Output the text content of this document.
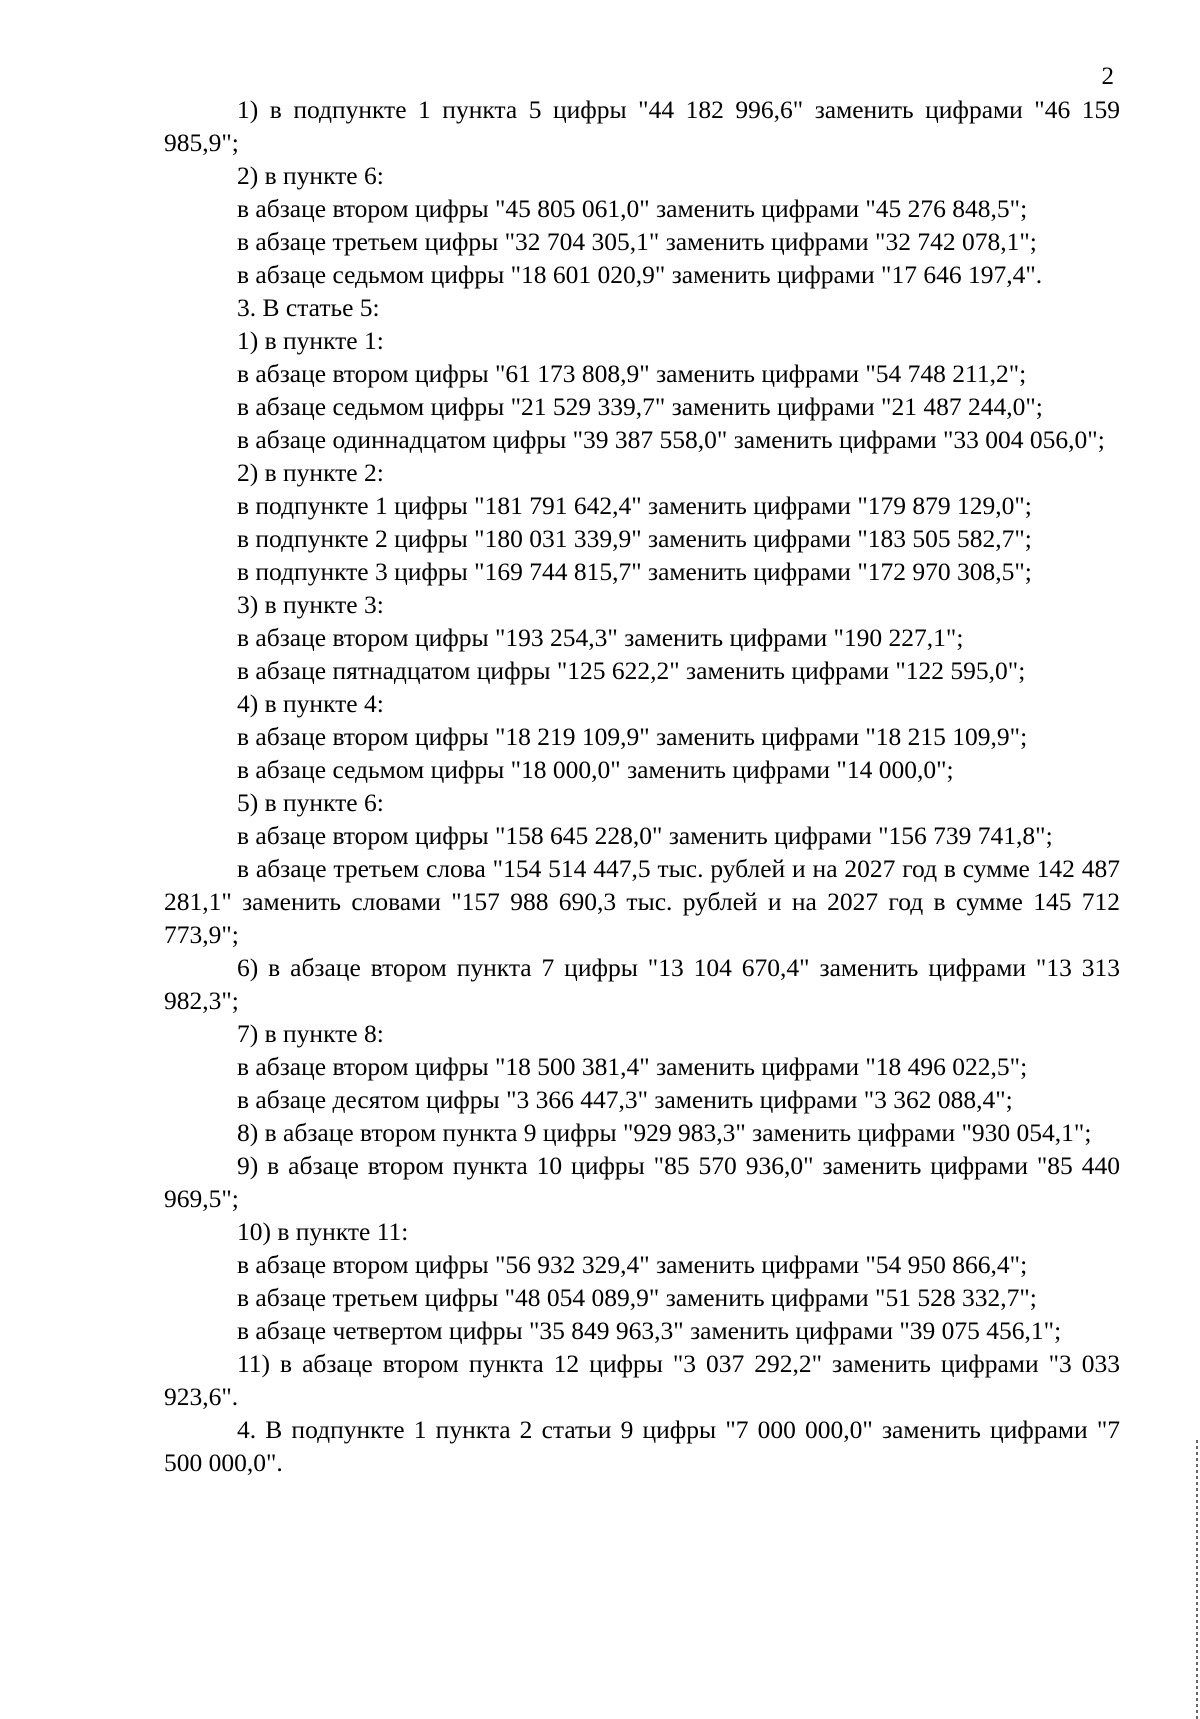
2

1) в подпункте 1 пункта 5 цифры "44 182 996,6" заменить цифрами "46 159 985,9";

2) в пункте 6:

в абзаце втором цифры "45 805 061,0" заменить цифрами "45 276 848,5";

в абзаце третьем цифры "32 704 305,1" заменить цифрами "32 742 078,1";

в абзаце седьмом цифры "18 601 020,9" заменить цифрами "17 646 197,4".

3. В статье 5:

1) в пункте 1:

в абзаце втором цифры "61 173 808,9" заменить цифрами "54 748 211,2";

в абзаце седьмом цифры "21 529 339,7" заменить цифрами "21 487 244,0";

в абзаце одиннадцатом цифры "39 387 558,0" заменить цифрами "33 004 056,0";

2) в пункте 2:

в подпункте 1 цифры "181 791 642,4" заменить цифрами "179 879 129,0";

в подпункте 2 цифры "180 031 339,9" заменить цифрами "183 505 582,7";

в подпункте 3 цифры "169 744 815,7" заменить цифрами "172 970 308,5";

3) в пункте 3:

в абзаце втором цифры "193 254,3" заменить цифрами "190 227,1";

в абзаце пятнадцатом цифры "125 622,2" заменить цифрами "122 595,0";

4) в пункте 4:

в абзаце втором цифры "18 219 109,9" заменить цифрами "18 215 109,9";

в абзаце седьмом цифры "18 000,0" заменить цифрами "14 000,0";

5) в пункте 6:

в абзаце втором цифры "158 645 228,0" заменить цифрами "156 739 741,8";

в абзаце третьем слова "154 514 447,5 тыс. рублей и на 2027 год в сумме 142 487 281,1" заменить словами "157 988 690,3 тыс. рублей и на 2027 год в сумме 145 712 773,9";

6) в абзаце втором пункта 7 цифры "13 104 670,4" заменить цифрами "13 313 982,3";

7) в пункте 8:

в абзаце втором цифры "18 500 381,4" заменить цифрами "18 496 022,5";

в абзаце десятом цифры "3 366 447,3" заменить цифрами "3 362 088,4";

8) в абзаце втором пункта 9 цифры "929 983,3" заменить цифрами "930 054,1";

9) в абзаце втором пункта 10 цифры "85 570 936,0" заменить цифрами "85 440 969,5";

10) в пункте 11:

в абзаце втором цифры "56 932 329,4" заменить цифрами "54 950 866,4";

в абзаце третьем цифры "48 054 089,9" заменить цифрами "51 528 332,7";

в абзаце четвертом цифры "35 849 963,3" заменить цифрами "39 075 456,1";

11) в абзаце втором пункта 12 цифры "3 037 292,2" заменить цифрами "3 033 923,6".

4. В подпункте 1 пункта 2 статьи 9 цифры "7 000 000,0" заменить цифрами "7 500 000,0".
